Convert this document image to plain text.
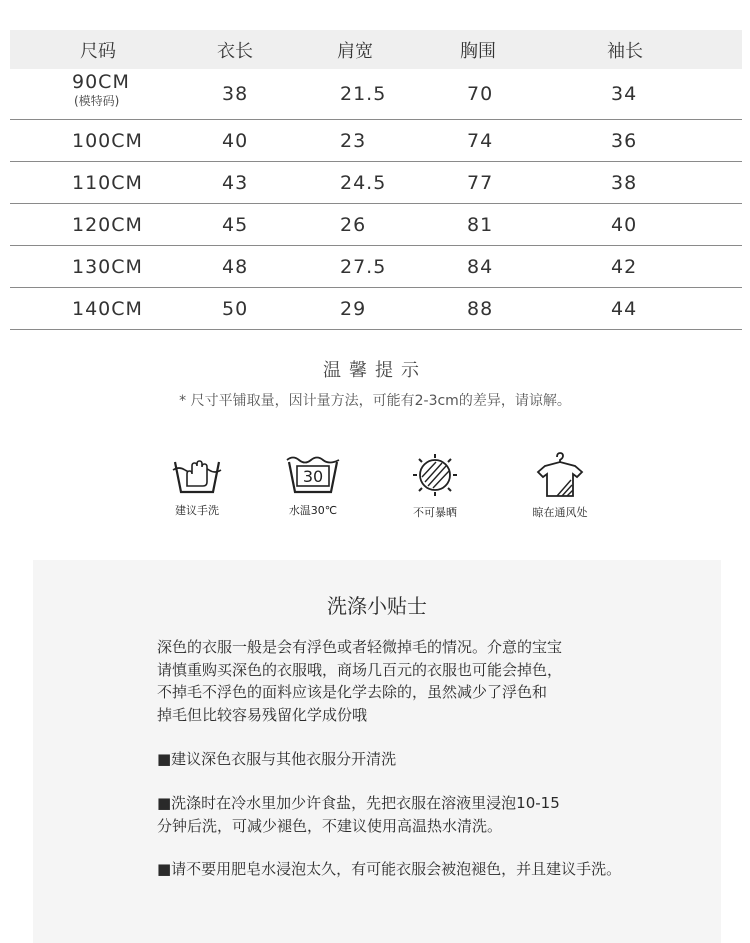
尺码	衣长	肩宽	胸围	袖长
90CM
(模特码)	38	21.5	70	34
100CM	40	23	74	36
110CM	43	24.5	77	38
120CM	45	26	81	40
130CM	48	27.5	84	42
140CM	50	29	88	44
温馨提示
* 尺寸平铺取量，因计量方法，可能有2-3cm的差异，请谅解。
建议手洗
30
水温30℃	不可暴晒	晾在通风处
洗涤小贴士

深色的衣服一般是会有浮色或者轻微掉毛的情况。介意的宝宝
请慎重购买深色的衣服哦，商场几百元的衣服也可能会掉色，
不掉毛不浮色的面料应该是化学去除的，虽然减少了浮色和
掉毛但比较容易残留化学成份哦

■建议深色衣服与其他衣服分开清洗

■洗涤时在冷水里加少许食盐，先把衣服在溶液里浸泡10-15
分钟后洗，可减少褪色，不建议使用高温热水清洗。

■请不要用肥皂水浸泡太久，有可能衣服会被泡褪色，并且建议手洗。
